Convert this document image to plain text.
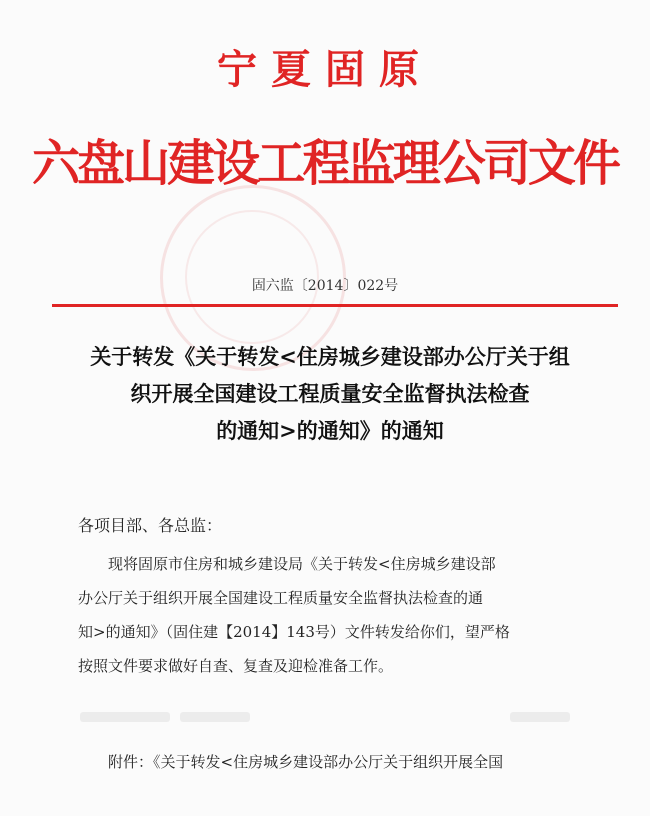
宁夏固原
六盘山建设工程监理公司文件
固六监〔2014〕022号
关于转发《关于转发<住房城乡建设部办公厅关于组
织开展全国建设工程质量安全监督执法检查
的通知>的通知》的通知
各项目部、各总监：
现将固原市住房和城乡建设局《关于转发<住房城乡建设部
办公厅关于组织开展全国建设工程质量安全监督执法检查的通
知>的通知》（固住建【2014】143号）文件转发给你们，望严格
按照文件要求做好自查、复查及迎检准备工作。
附件：《关于转发<住房城乡建设部办公厅关于组织开展全国
